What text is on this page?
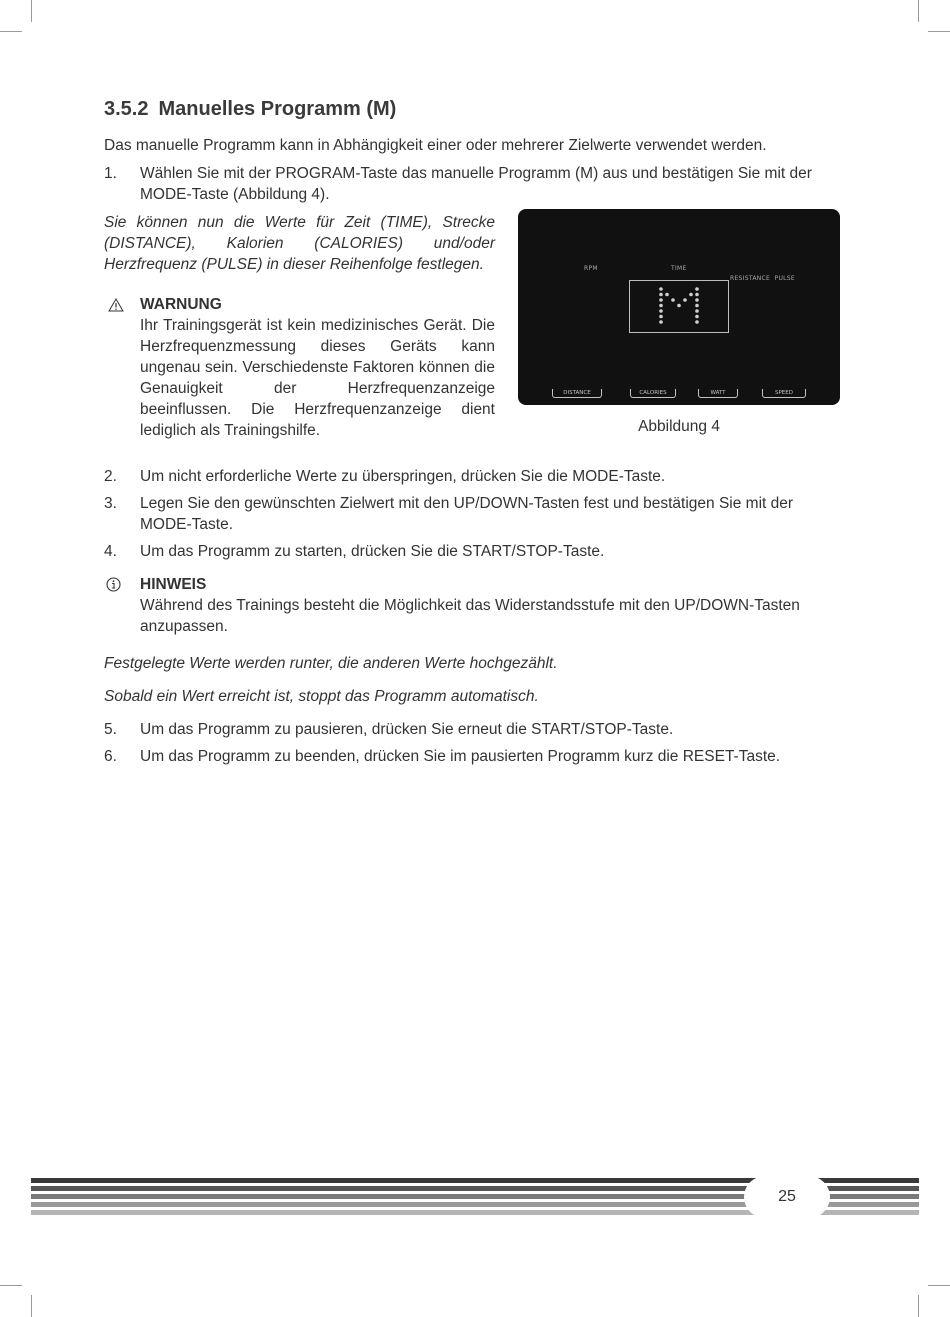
3.5.2 Manuelles Programm (M)

Das manuelle Programm kann in Abhängigkeit einer oder mehrerer Zielwerte verwendet werden.

1. Wählen Sie mit der PROGRAM-Taste das manuelle Programm (M) aus und bestätigen Sie mit der MODE-Taste (Abbildung 4).

Sie können nun die Werte für Zeit (TIME), Strecke (DISTANCE), Kalorien (CALORIES) und/oder Herzfrequenz (PULSE) in dieser Reihenfolge festlegen.

WARNUNG
Ihr Trainingsgerät ist kein medizinisches Gerät. Die Herzfrequenzmessung dieses Geräts kann ungenau sein. Verschiedenste Faktoren können die Genauigkeit der Herzfrequenzanzeige beeinflussen. Die Herzfrequenzanzeige dient lediglich als Trainingshilfe.
RPM	TIME
RESISTANCE  PULSE
DISTANCE	CALORIES	WATT	SPEED
Abbildung 4
2. Um nicht erforderliche Werte zu überspringen, drücken Sie die MODE-Taste.
3. Legen Sie den gewünschten Zielwert mit den UP/DOWN-Tasten fest und bestätigen Sie mit der MODE-Taste.
4. Um das Programm zu starten, drücken Sie die START/STOP-Taste.
HINWEIS
Während des Trainings besteht die Möglichkeit das Widerstandsstufe mit den UP/DOWN-Tasten anzupassen.

Festgelegte Werte werden runter, die anderen Werte hochgezählt.

Sobald ein Wert erreicht ist, stoppt das Programm automatisch.

5. Um das Programm zu pausieren, drücken Sie erneut die START/STOP-Taste.
6. Um das Programm zu beenden, drücken Sie im pausierten Programm kurz die RESET-Taste.
25
